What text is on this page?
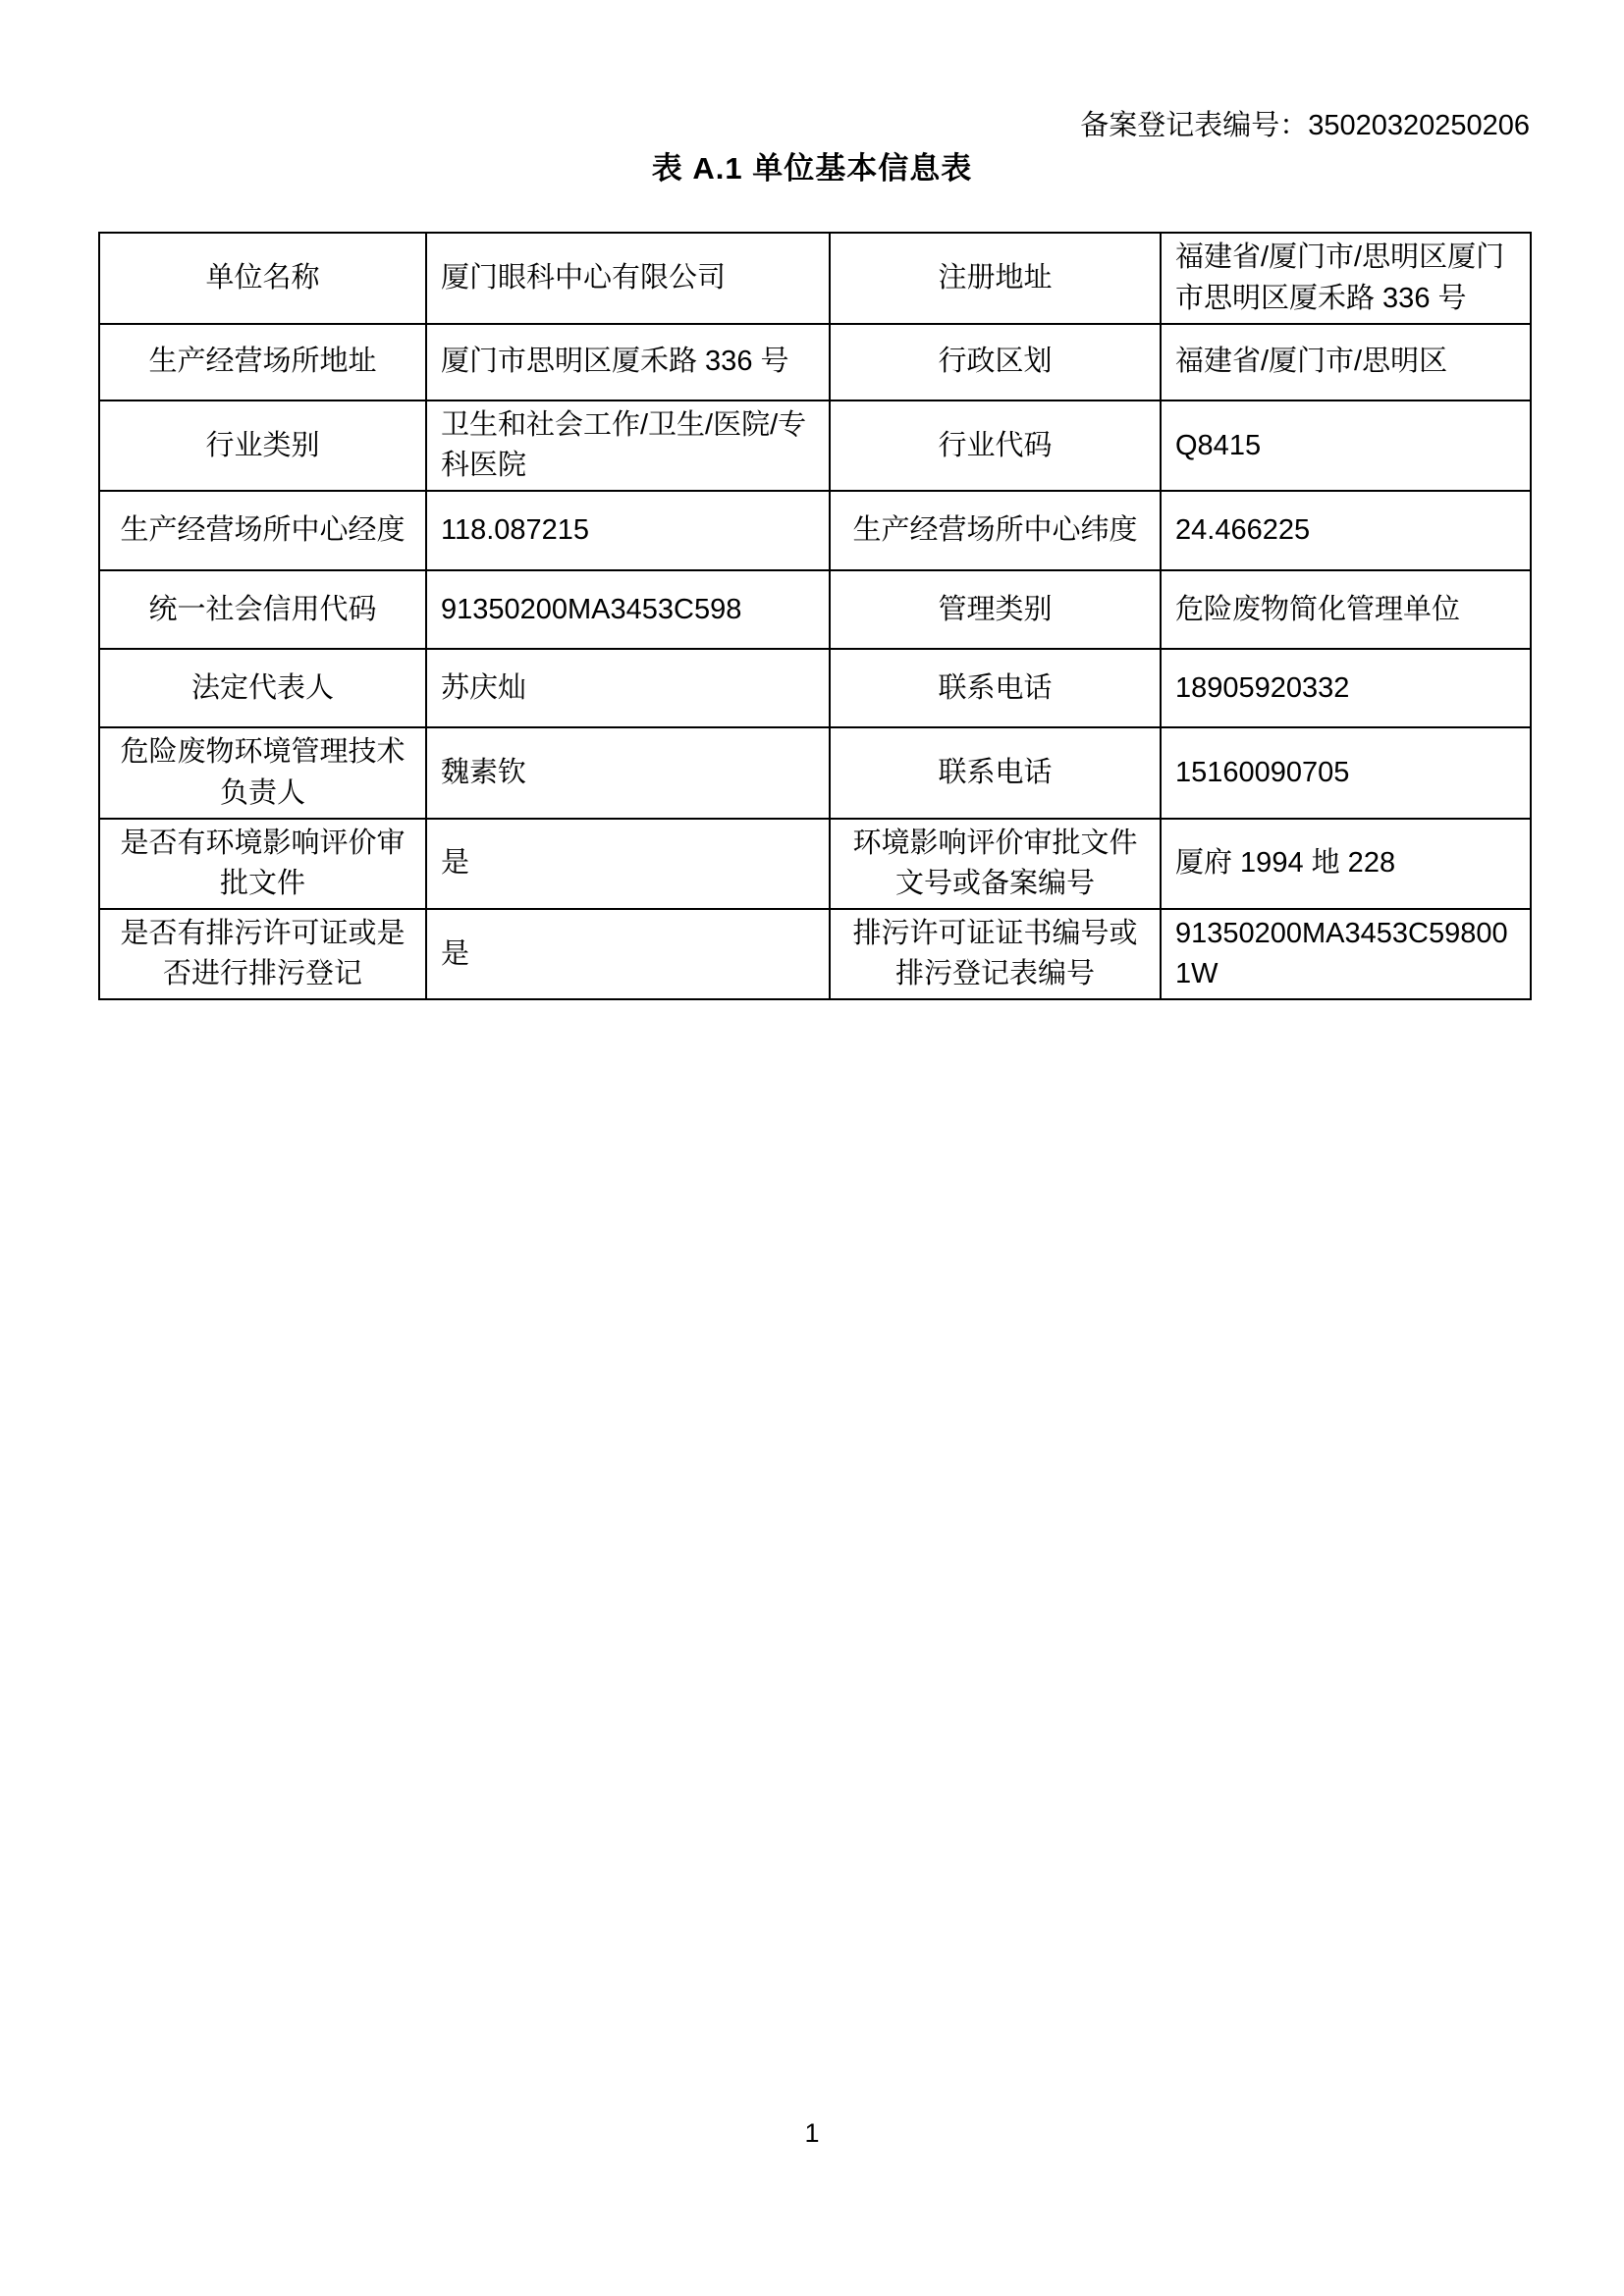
备案登记表编号：35020320250206
表 A.1 单位基本信息表
单位名称	厦门眼科中心有限公司	注册地址	福建省/厦门市/思明区厦门市思明区厦禾路 336 号
生产经营场所地址	厦门市思明区厦禾路 336 号	行政区划	福建省/厦门市/思明区
行业类别	卫生和社会工作/卫生/医院/专科医院	行业代码	Q8415
生产经营场所中心经度	118.087215	生产经营场所中心纬度	24.466225
统一社会信用代码	91350200MA3453C598	管理类别	危险废物简化管理单位
法定代表人	苏庆灿	联系电话	18905920332
危险废物环境管理技术负责人	魏素钦	联系电话	15160090705
是否有环境影响评价审批文件	是	环境影响评价审批文件文号或备案编号	厦府 1994 地 228
是否有排污许可证或是否进行排污登记	是	排污许可证证书编号或排污登记表编号	91350200MA3453C598001W
1
